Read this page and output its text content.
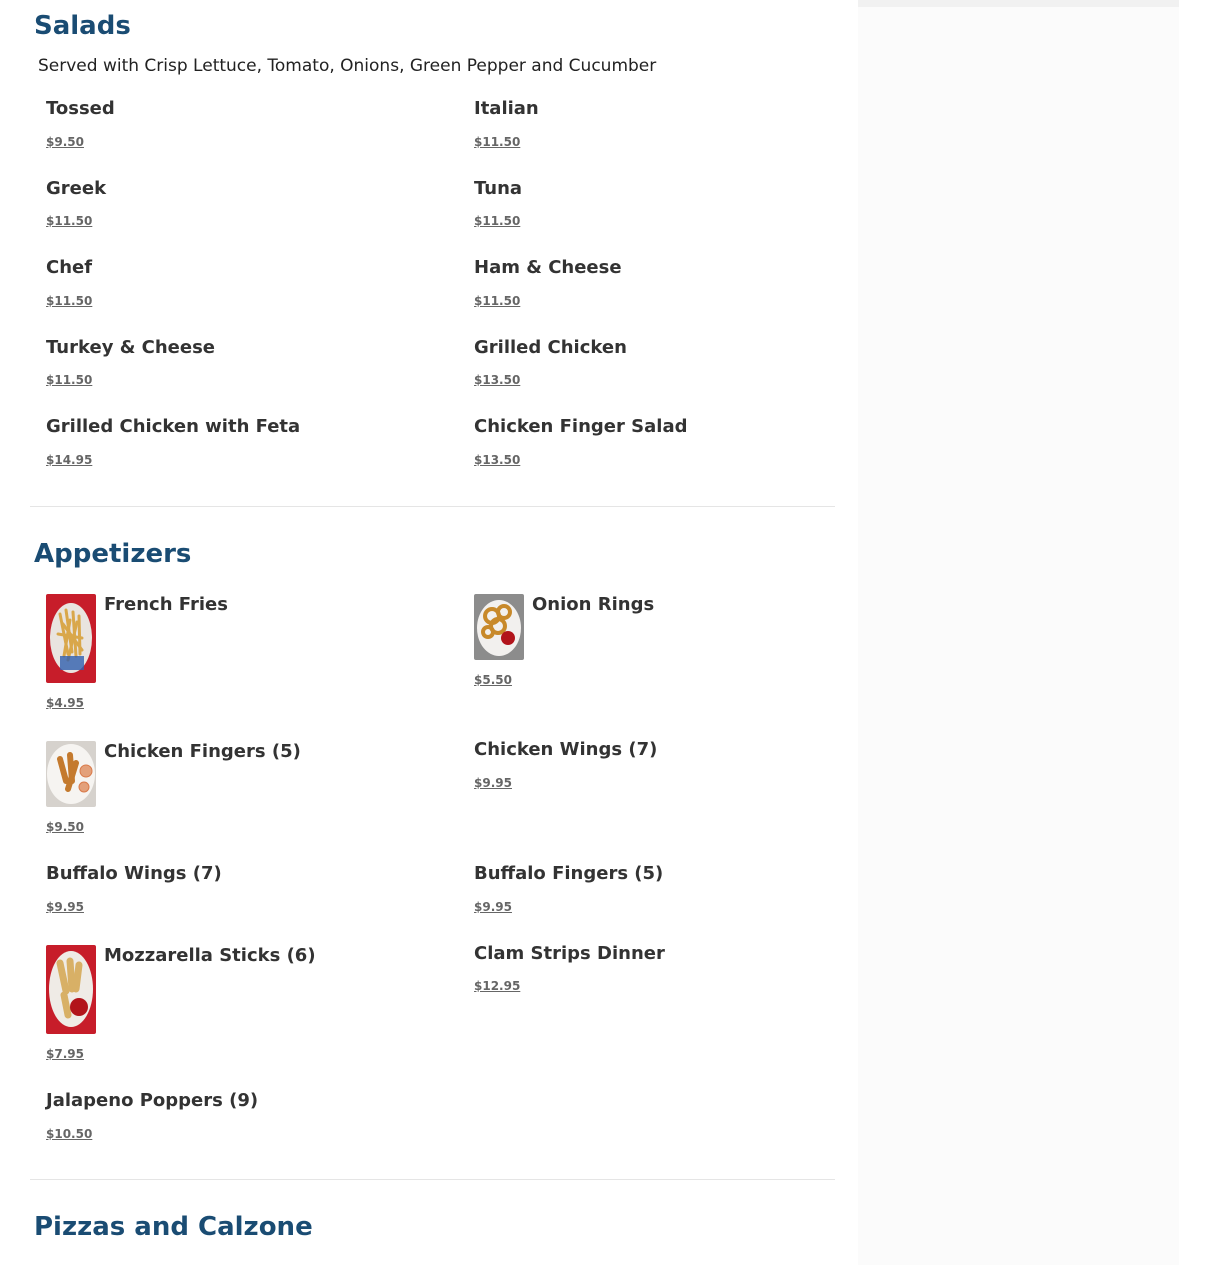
Salads
Served with Crisp Lettuce, Tomato, Onions, Green Pepper and Cucumber
Tossed
$9.50
Italian
$11.50
Greek
$11.50
Tuna
$11.50
Chef
$11.50
Ham & Cheese
$11.50
Turkey & Cheese
$11.50
Grilled Chicken
$13.50
Grilled Chicken with Feta
$14.95
Chicken Finger Salad
$13.50
Appetizers
French Fries
$4.95
Onion Rings
$5.50
Chicken Fingers (5)
$9.50
Chicken Wings (7)
$9.95
Buffalo Wings (7)
$9.95
Buffalo Fingers (5)
$9.95
Mozzarella Sticks (6)
$7.95
Clam Strips Dinner
$12.95
Jalapeno Poppers (9)
$10.50
Pizzas and Calzone
